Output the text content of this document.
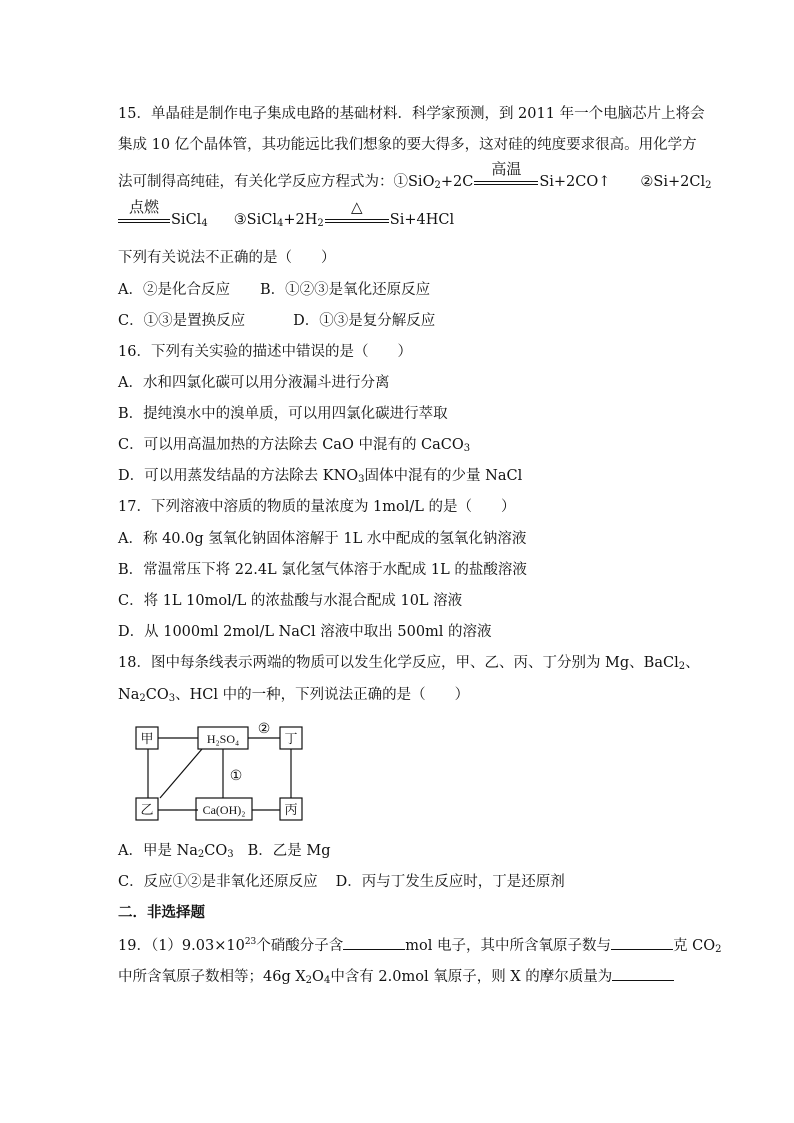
15．单晶硅是制作电子集成电路的基础材料．科学家预测，到 2011 年一个电脑芯片上将会
集成 10 亿个晶体管，其功能远比我们想象的要大得多，这对硅的纯度要求很高。用化学方
法可制得高纯硅，有关化学反应方程式为：①SiO$_2$+2C
高温
Si+2CO↑ $②Si+2Cl_2$
点燃
SiCl$_4$ $③SiCl_4+2H_2$
△
Si+4HCl
下列有关说法不正确的是（　　）
A．②是化合反应 B．①②③是氧化还原反应
C．①③是置换反应	D．①③是复分解反应
16．下列有关实验的描述中错误的是（　　）
A．水和四氯化碳可以用分液漏斗进行分离
B．提纯溴水中的溴单质，可以用四氯化碳进行萃取
C．可以用高温加热的方法除去 CaO 中混有的 CaCO$_3$
D．可以用蒸发结晶的方法除去 $KNO_3$固体中混有的少量 NaCl
17．下列溶液中溶质的物质的量浓度为 1mol/L 的是（　　）
A．称 40.0g 氢氧化钠固体溶解于 1L 水中配成的氢氧化钠溶液
B．常温常压下将 22.4L 氯化氢气体溶于水配成 1L 的盐酸溶液
C．将 1L 10mol/L 的浓盐酸与水混合配成 10L 溶液
D．从 1000ml 2mol/L NaCl 溶液中取出 500ml 的溶液
18．图中每条线表示两端的物质可以发生化学反应，甲、乙、丙、丁分别为 Mg、BaCl$_2$、
$Na_2CO_3$、HCl 中的一种，下列说法正确的是（　　）
甲	H₂SO₄	丁
乙	Ca(OH)₂	丙
②
①
A．甲是 $Na_2CO_3$ B．乙是 Mg
C．反应①②是非氧化还原反应 D．丙与丁发生反应时，丁是还原剂
二．非选择题
19．$(1)9.03\times 10^{23}$个硝酸分子含	mol 电子，其中所含氧原子数与	克 $CO_2$
中所含氧原子数相等；46g $X_2O_4$中含有 2.0mol 氧原子，则 X 的摩尔质量为
